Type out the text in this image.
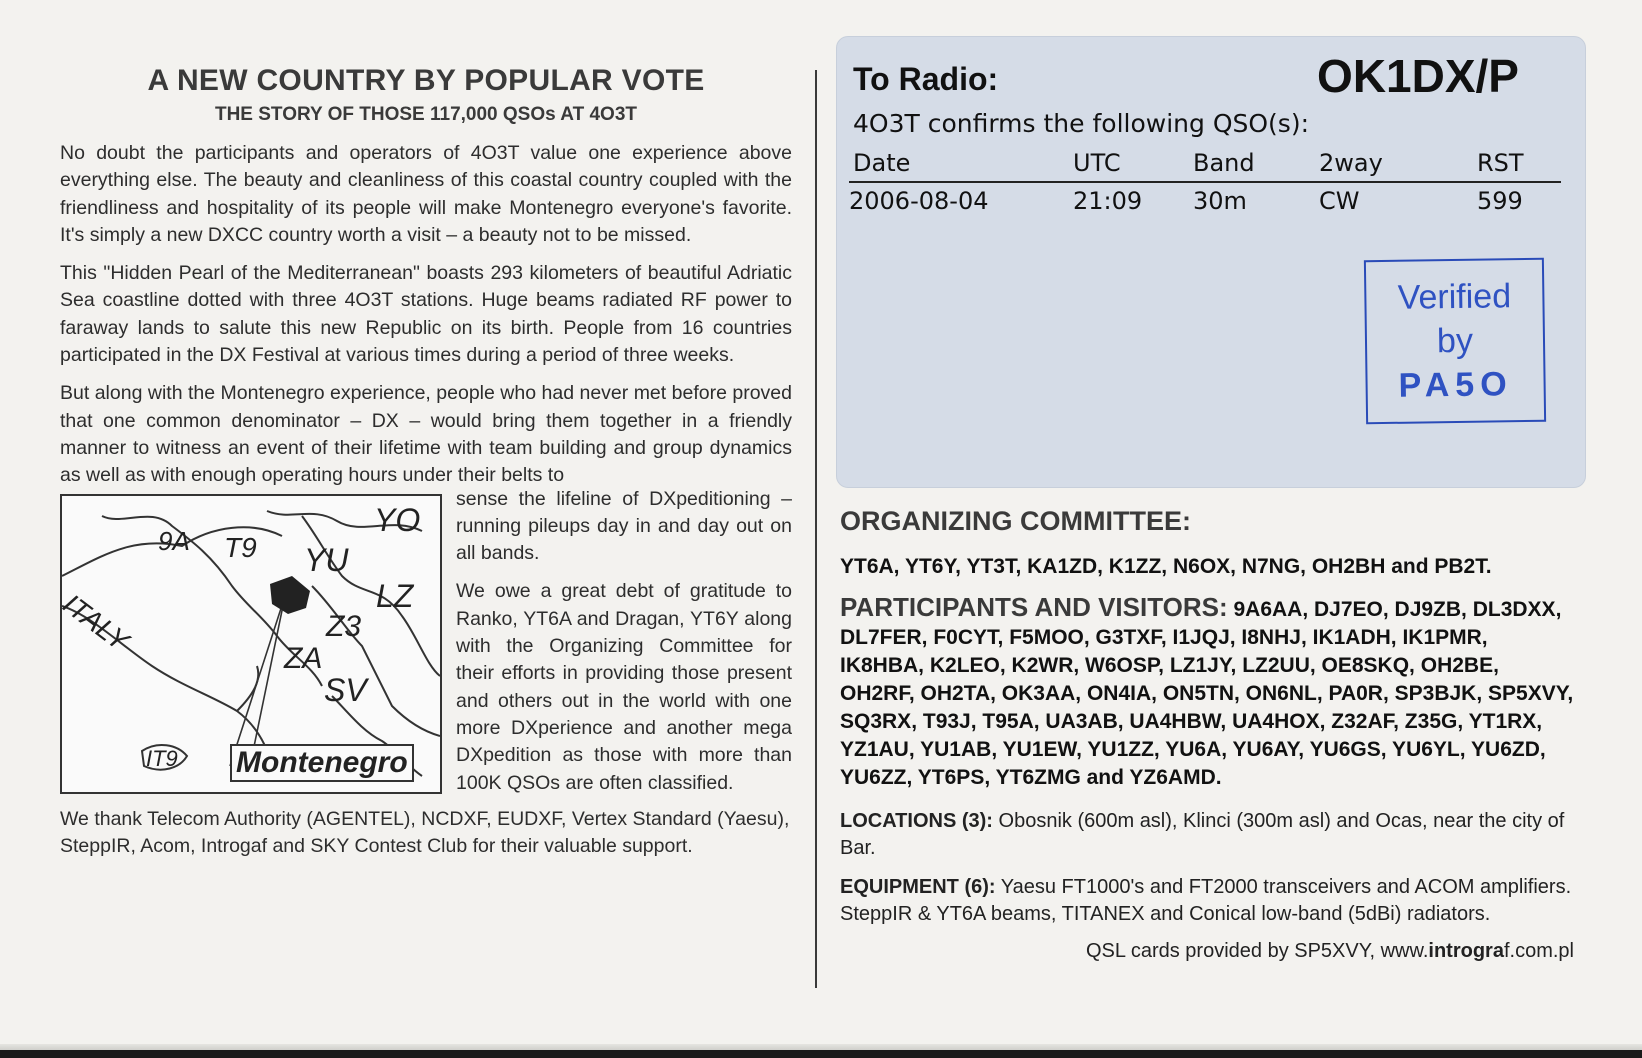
A NEW COUNTRY BY POPULAR VOTE
THE STORY OF THOSE 117,000 QSOs AT 4O3T

No doubt the participants and operators of 4O3T value one experience above everything else. The beauty and cleanliness of this coastal country coupled with the friendliness and hospitality of its people will make Montenegro everyone's favorite. It's simply a new DXCC country worth a visit – a beauty not to be missed.

This "Hidden Pearl of the Mediterranean" boasts 293 kilometers of beautiful Adriatic Sea coastline dotted with three 4O3T stations. Huge beams radiated RF power to faraway lands to salute this new Republic on its birth. People from 16 countries participated in the DX Festival at various times during a period of three weeks.

But along with the Montenegro experience, people who had never met before proved that one common denominator – DX – would bring them together in a friendly manner to witness an event of their lifetime with team building and group dynamics as well as with enough operating hours under their belts to

9A T9
YO
YU
LZ
Z3
ZA
SV
ITALY
IT9 Montenegro

sense the lifeline of DXpeditioning – running pileups day in and day out on all bands.

We owe a great debt of gratitude to Ranko, YT6A and Dragan, YT6Y along with the Organizing Committee for their efforts in providing those present and others out in the world with one more DXperience and another mega DXpedition as those with more than 100K QSOs are often classified.

We thank Telecom Authority (AGENTEL), NCDXF, EUDXF, Vertex Standard (Yaesu), SteppIR, Acom, Introgaf and SKY Contest Club for their valuable support.
To Radio:	OK1DX/P
4O3T confirms the following QSO(s):
Date	UTC	Band	2way	RST
2006-08-04	21:09 30m	CW	599
Verified
by
PA5O
ORGANIZING COMMITTEE:
YT6A, YT6Y, YT3T, KA1ZD, K1ZZ, N6OX, N7NG, OH2BH and PB2T.

PARTICIPANTS AND VISITORS: 9A6AA, DJ7EO, DJ9ZB, DL3DXX, DL7FER, F0CYT, F5MOO, G3TXF, I1JQJ, I8NHJ, IK1ADH, IK1PMR, IK8HBA, K2LEO, K2WR, W6OSP, LZ1JY, LZ2UU, OE8SKQ, OH2BE, OH2RF, OH2TA, OK3AA, ON4IA, ON5TN, ON6NL, PA0R, SP3BJK, SP5XVY, SQ3RX, T93J, T95A, UA3AB, UA4HBW, UA4HOX, Z32AF, Z35G, YT1RX, YZ1AU, YU1AB, YU1EW, YU1ZZ, YU6A, YU6AY, YU6GS, YU6YL, YU6ZD, YU6ZZ, YT6PS, YT6ZMG and YZ6AMD.

LOCATIONS (3): Obosnik (600m asl), Klinci (300m asl) and Ocas, near the city of Bar.

EQUIPMENT (6): Yaesu FT1000's and FT2000 transceivers and ACOM amplifiers. SteppIR & YT6A beams, TITANEX and Conical low-band (5dBi) radiators.

QSL cards provided by SP5XVY, www.intrograf.com.pl
